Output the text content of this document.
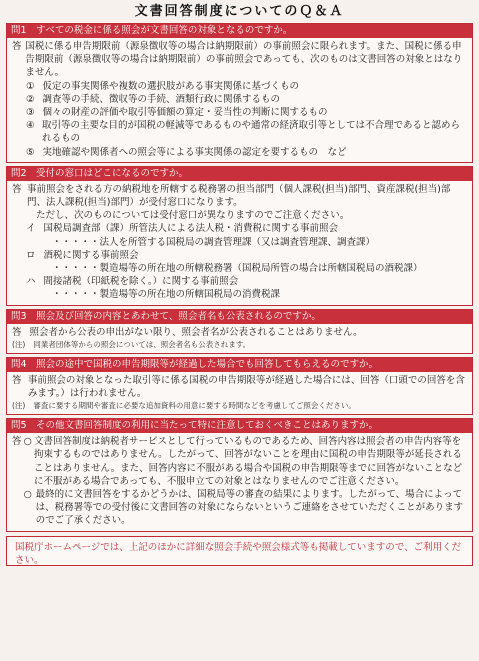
文書回答制度についてのＱ＆Ａ
問1　すべての税金に係る照会が文書回答の対象となるのですか。
答 国税に係る申告期限前（源泉徴収等の場合は納期限前）の事前照会に限られます。また、国税に係る申告期限前（源泉徴収等の場合は納期限前）の事前照会であっても、次のものは文書回答の対象とはなりません。
① 仮定の事実関係や複数の選択肢がある事実関係に基づくもの
② 調査等の手続、徴収等の手続、酒類行政に関係するもの
③ 個々の財産の評価や取引等価額の算定・妥当性の判断に関するもの
④ 取引等の主要な目的が国税の軽減等であるものや通常の経済取引等としては不合理であると認められるもの
⑤ 実地確認や関係者への照会等による事実関係の認定を要するもの　など
問2　受付の窓口はどこになるのですか。
答 事前照会をされる方の納税地を所轄する税務署の担当部門（個人課税(担当)部門、資産課税(担当)部門、法人課税(担当)部門）が受付窓口になります。
ただし、次のものについては受付窓口が異なりますのでご注意ください。
イ 国税局調査部（課）所管法人による法人税・消費税に関する事前照会
・・・・・法人を所管する国税局の調査管理課（又は調査管理課、調査課）
ロ 酒税に関する事前照会
・・・・・製造場等の所在地の所轄税務署（国税局所管の場合は所轄国税局の酒税課）
ハ 間接諸税（印紙税を除く。）に関する事前照会
・・・・・製造場等の所在地の所轄国税局の消費税課
問3　照会及び回答の内容とあわせて、照会者名も公表されるのですか。
答 照会者から公表の申出がない限り、照会者名が公表されることはありません。
(注) 同業者団体等からの照会については、照会者名も公表されます。
問4　照会の途中で国税の申告期限等が経過した場合でも回答してもらえるのですか。
答 事前照会の対象となった取引等に係る国税の申告期限等が経過した場合には、回答（口頭での回答を含みます。）は行われません。
(注) 審査に要する期間や審査に必要な追加資料の用意に要する時間などを考慮してご照会ください。
問5　その他文書回答制度の利用に当たって特に注意しておくべきことはありますか。
答 ○ 文書回答制度は納税者サービスとして行っているものであるため、回答内容は照会者の申告内容等を拘束するものではありません。したがって、回答がないことを理由に国税の申告期限等が延長されることはありません。また、回答内容に不服がある場合や国税の申告期限等までに回答がないことなどに不服がある場合であっても、不服申立ての対象とはなりませんのでご注意ください。
○ 最終的に文書回答をするかどうかは、国税局等の審査の結果によります。したがって、場合によっては、税務署等での受付後に文書回答の対象にならないというご連絡をさせていただくことがありますのでご了承ください。
国税庁ホームページでは、上記のほかに詳細な照会手続や照会様式等も掲載していますので、ご利用ください。
